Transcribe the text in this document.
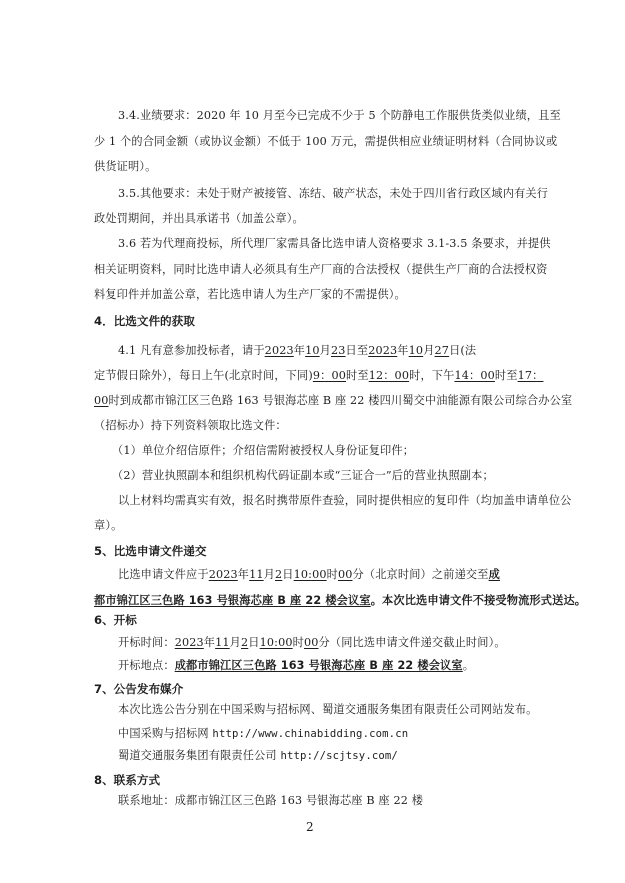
3.4.业绩要求：2020 年 10 月至今已完成不少于 5 个防静电工作服供货类似业绩，且至
少 1 个的合同金额（或协议金额）不低于 100 万元，需提供相应业绩证明材料（合同协议或
供货证明）。
3.5.其他要求：未处于财产被接管、冻结、破产状态，未处于四川省行政区域内有关行
政处罚期间，并出具承诺书（加盖公章）。
3.6 若为代理商投标，所代理厂家需具备比选申请人资格要求 3.1-3.5 条要求，并提供
相关证明资料，同时比选申请人必须具有生产厂商的合法授权（提供生产厂商的合法授权资
料复印件并加盖公章，若比选申请人为生产厂家的不需提供）。
4．比选文件的获取
4.1 凡有意参加投标者，请于2023年10月23日至2023年10月27日(法
定节假日除外），每日上午(北京时间，下同)9：00时至12：00时，下午14：00时至17：
00时到成都市锦江区三色路 163 号银海芯座 B 座 22 楼四川蜀交中油能源有限公司综合办公室
（招标办）持下列资料领取比选文件：
（1）单位介绍信原件；介绍信需附被授权人身份证复印件；
（2）营业执照副本和组织机构代码证副本或“三证合一”后的营业执照副本；
以上材料均需真实有效，报名时携带原件查验，同时提供相应的复印件（均加盖申请单位公
章）。
5、比选申请文件递交
比选申请文件应于2023年11月2日10:00时00分（北京时间）之前递交至成
都市锦江区三色路 163 号银海芯座 B 座 22 楼会议室。本次比选申请文件不接受物流形式送达。
6、开标
开标时间：2023年11月2日10:00时00分（同比选申请文件递交截止时间）。
开标地点：成都市锦江区三色路 163 号银海芯座 B 座 22 楼会议室。
7、公告发布媒介
本次比选公告分别在中国采购与招标网、蜀道交通服务集团有限责任公司网站发布。
中国采购与招标网 http://www.chinabidding.com.cn
蜀道交通服务集团有限责任公司 http://scjtsy.com/
8、联系方式
联系地址：成都市锦江区三色路 163 号银海芯座 B 座 22 楼
2
